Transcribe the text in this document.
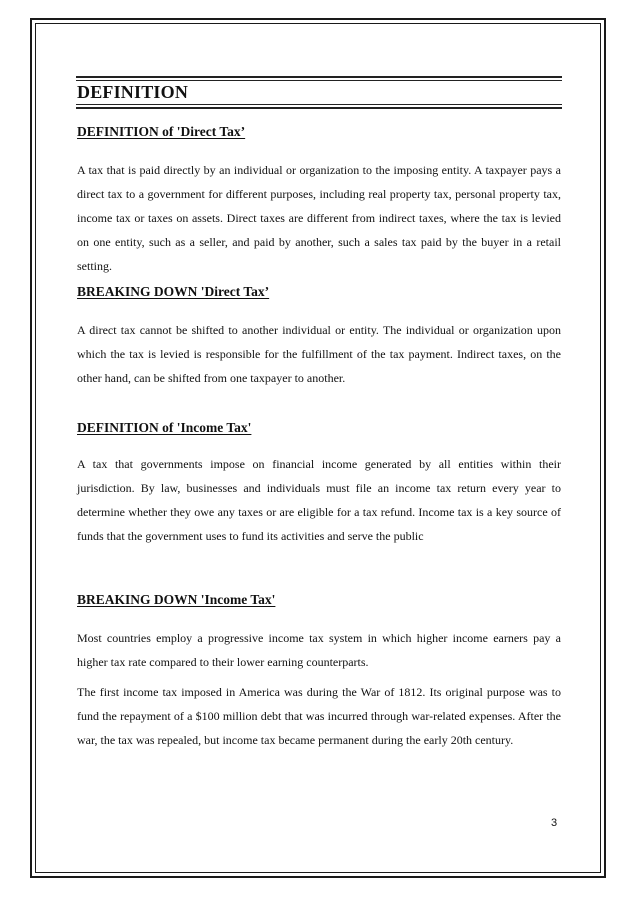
DEFINITION
DEFINITION of 'Direct Tax’

A tax that is paid directly by an individual or organization to the imposing entity. A taxpayer pays a direct tax to a government for different purposes, including real property tax, personal property tax, income tax or taxes on assets. Direct taxes are different from indirect taxes, where the tax is levied on one entity, such as a seller, and paid by another, such a sales tax paid by the buyer in a retail setting.

BREAKING DOWN 'Direct Tax’

A direct tax cannot be shifted to another individual or entity. The individual or organization upon which the tax is levied is responsible for the fulfillment of the tax payment. Indirect taxes, on the other hand, can be shifted from one taxpayer to another.

DEFINITION of 'Income Tax'

A tax that governments impose on financial income generated by all entities within their jurisdiction. By law, businesses and individuals must file an income tax return every year to determine whether they owe any taxes or are eligible for a tax refund. Income tax is a key source of funds that the government uses to fund its activities and serve the public

BREAKING DOWN 'Income Tax'

Most countries employ a progressive income tax system in which higher income earners pay a higher tax rate compared to their lower earning counterparts.

The first income tax imposed in America was during the War of 1812. Its original purpose was to fund the repayment of a $100 million debt that was incurred through war-related expenses. After the war, the tax was repealed, but income tax became permanent during the early 20th century.

3
